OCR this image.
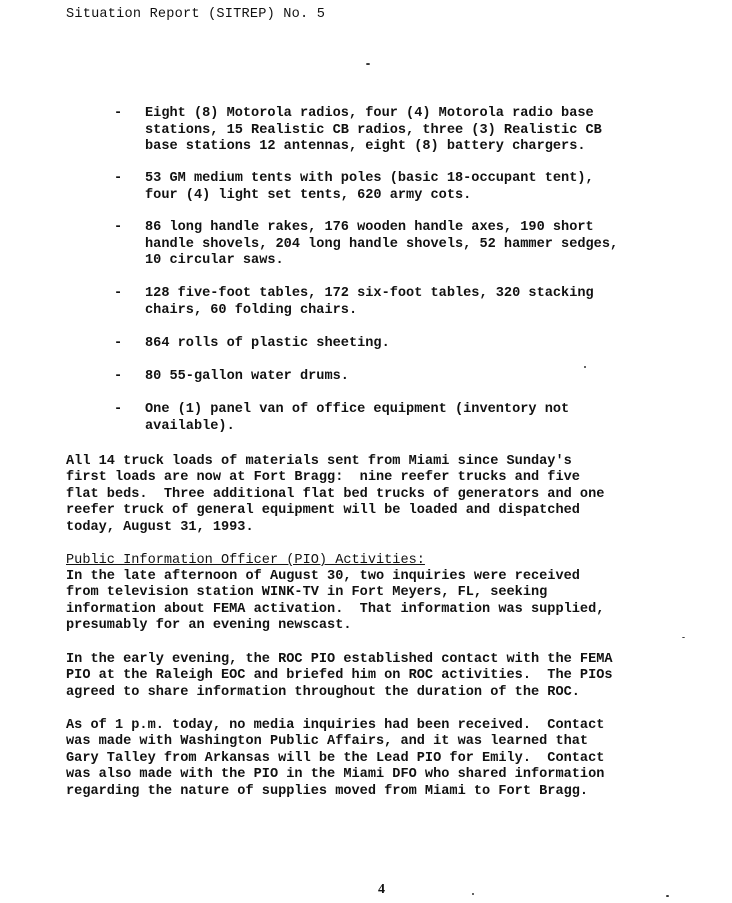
Situation Report (SITREP) No. 5
- Eight (8) Motorola radios, four (4) Motorola radio base
stations, 15 Realistic CB radios, three (3) Realistic CB
base stations 12 antennas, eight (8) battery chargers.
- 53 GM medium tents with poles (basic 18-occupant tent),
four (4) light set tents, 620 army cots.
- 86 long handle rakes, 176 wooden handle axes, 190 short
handle shovels, 204 long handle shovels, 52 hammer sedges,
10 circular saws.
- 128 five-foot tables, 172 six-foot tables, 320 stacking
chairs, 60 folding chairs.
- 864 rolls of plastic sheeting.
- 80 55-gallon water drums.
- One (1) panel van of office equipment (inventory not
available).
All 14 truck loads of materials sent from Miami since Sunday's
first loads are now at Fort Bragg:  nine reefer trucks and five
flat beds.  Three additional flat bed trucks of generators and one
reefer truck of general equipment will be loaded and dispatched
today, August 31, 1993.
Public Information Officer (PIO) Activities:
In the late afternoon of August 30, two inquiries were received
from television station WINK-TV in Fort Meyers, FL, seeking
information about FEMA activation.  That information was supplied,
presumably for an evening newscast.
In the early evening, the ROC PIO established contact with the FEMA
PIO at the Raleigh EOC and briefed him on ROC activities.  The PIOs
agreed to share information throughout the duration of the ROC.
As of 1 p.m. today, no media inquiries had been received.  Contact
was made with Washington Public Affairs, and it was learned that
Gary Talley from Arkansas will be the Lead PIO for Emily.  Contact
was also made with the PIO in the Miami DFO who shared information
regarding the nature of supplies moved from Miami to Fort Bragg.
4
